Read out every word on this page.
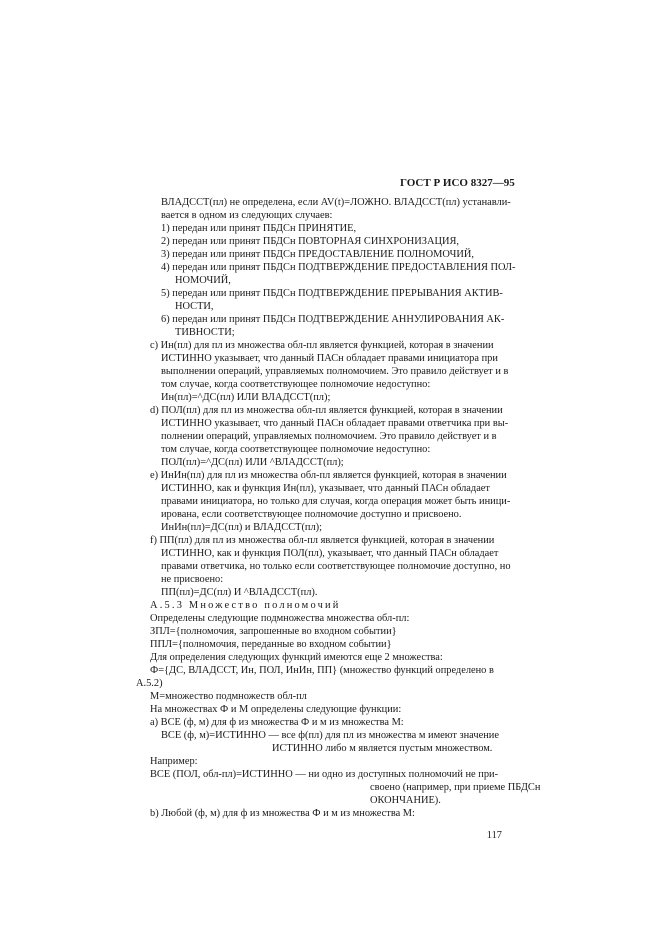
ГОСТ Р ИСО 8327—95
ВЛАДССТ(пл) не определена, если AV(t)=ЛОЖНО. ВЛАДССТ(пл) устанавли-
вается в одном из следующих случаев:
1) передан или принят ПБДСн ПРИНЯТИЕ,
2) передан или принят ПБДСн ПОВТОРНАЯ СИНХРОНИЗАЦИЯ,
3) передан или принят ПБДСн ПРЕДОСТАВЛЕНИЕ ПОЛНОМОЧИЙ,
4) передан или принят ПБДСн ПОДТВЕРЖДЕНИЕ ПРЕДОСТАВЛЕНИЯ ПОЛ-
НОМОЧИЙ,
5) передан или принят ПБДСн ПОДТВЕРЖДЕНИЕ ПРЕРЫВАНИЯ АКТИВ-
НОСТИ,
6) передан или принят ПБДСн ПОДТВЕРЖДЕНИЕ АННУЛИРОВАНИЯ АК-
ТИВНОСТИ;
c) Ин(пл) для пл из множества обл-пл является функцией, которая в значении
ИСТИННО указывает, что данный ПАСн обладает правами инициатора при
выполнении операций, управляемых полномочием. Это правило действует и в
том случае, когда соответствующее полномочие недоступно:
Ин(пл)=^ДС(пл) ИЛИ ВЛАДССТ(пл);
d) ПОЛ(пл) для пл из множества обл-пл является функцией, которая в значении
ИСТИННО указывает, что данный ПАСн обладает правами ответчика при вы-
полнении операций, управляемых полномочием. Это правило действует и в
том случае, когда соответствующее полномочие недоступно:
ПОЛ(пл)=^ДС(пл) ИЛИ ^ВЛАДССТ(пл);
e) ИнИн(пл) для пл из множества обл-пл является функцией, которая в значении
ИСТИННО, как и функция Ин(пл), указывает, что данный ПАСн обладает
правами инициатора, но только для случая, когда операция может быть иници-
ирована, если соответствующее полномочие доступно и присвоено.
ИнИн(пл)=ДС(пл) и ВЛАДССТ(пл);
f) ПП(пл) для пл из множества обл-пл является функцией, которая в значении
ИСТИННО, как и функция ПОЛ(пл), указывает, что данный ПАСн обладает
правами ответчика, но только если соответствующее полномочие доступно, но
не присвоено:
ПП(пл)=ДС(пл) И ^ВЛАДССТ(пл).
А.5.3 Множество полномочий
Определены следующие подмножества множества обл-пл:
ЗПЛ={полномочия, запрошенные во входном событии}
ППЛ={полномочия, переданные во входном событии}
Для определения следующих функций имеются еще 2 множества:
Ф={ДС, ВЛАДССТ, Ин, ПОЛ, ИнИн, ПП} (множество функций определено в
А.5.2)
М=множество подмножеств обл-пл
На множествах Ф и М определены следующие функции:
a) ВСЕ (ф, м) для ф из множества Ф и м из множества М:
ВСЕ (ф, м)=ИСТИННО — все ф(пл) для пл из множества м имеют значение
ИСТИННО либо м является пустым множеством.
Например:
ВСЕ (ПОЛ, обл-пл)=ИСТИННО — ни одно из доступных полномочий не при-
своено (например, при приеме ПБДСн
ОКОНЧАНИЕ).
b) Любой (ф, м) для ф из множества Ф и м из множества М:
117
